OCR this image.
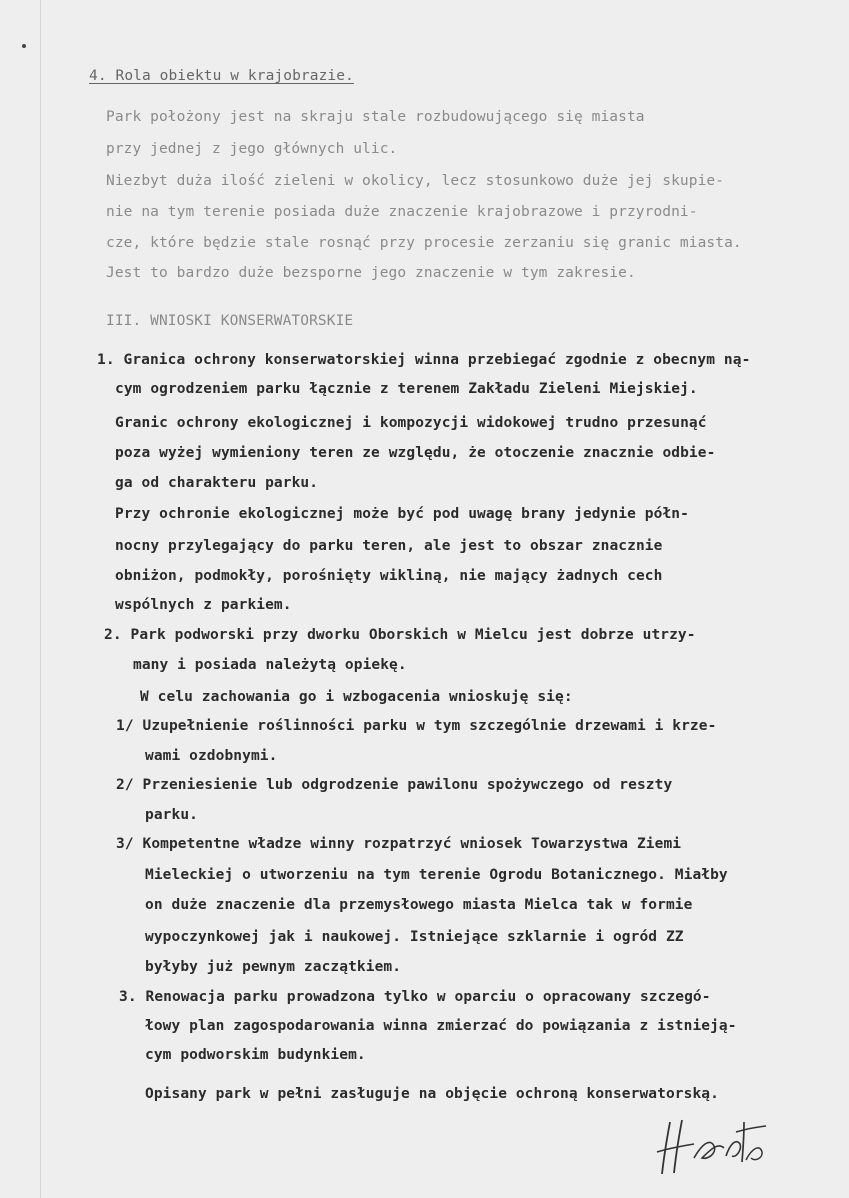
4. Rola obiektu w krajobrazie.
Park położony jest na skraju stale rozbudowującego się miasta
przy jednej z jego głównych ulic.
Niezbyt duża ilość zieleni w okolicy, lecz stosunkowo duże jej skupie-
nie na tym terenie posiada duże znaczenie krajobrazowe i przyrodni-
cze, które będzie stale rosnąć przy procesie zerzaniu się granic miasta.
Jest to bardzo duże bezsporne jego znaczenie w tym zakresie.
III. WNIOSKI KONSERWATORSKIE
1. Granica ochrony konserwatorskiej winna przebiegać zgodnie z obecnym ną-
cym ogrodzeniem parku łącznie z terenem Zakładu Zieleni Miejskiej.
Granic ochrony ekologicznej i kompozycji widokowej trudno przesunąć
poza wyżej wymieniony teren ze względu, że otoczenie znacznie odbie-
ga od charakteru parku.
Przy ochronie ekologicznej może być pod uwagę brany jedynie półn-
nocny przylegający do parku teren, ale jest to obszar znacznie
obniżon, podmokły, porośnięty wikliną, nie mający żadnych cech
wspólnych z parkiem.
2. Park podworski przy dworku Oborskich w Mielcu jest dobrze utrzy-
many i posiada należytą opiekę.
W celu zachowania go i wzbogacenia wnioskuję się:
1/ Uzupełnienie roślinności parku w tym szczególnie drzewami i krze-
wami ozdobnymi.
2/ Przeniesienie lub odgrodzenie pawilonu spożywczego od reszty
parku.
3/ Kompetentne władze winny rozpatrzyć wniosek Towarzystwa Ziemi
Mieleckiej o utworzeniu na tym terenie Ogrodu Botanicznego. Miałby
on duże znaczenie dla przemysłowego miasta Mielca tak w formie
wypoczynkowej jak i naukowej. Istniejące szklarnie i ogród ZZ
byłyby już pewnym zaczątkiem.
3. Renowacja parku prowadzona tylko w oparciu o opracowany szczegó-
łowy plan zagospodarowania winna zmierzać do powiązania z istnieją-
cym podworskim budynkiem.
Opisany park w pełni zasługuje na objęcie ochroną konserwatorską.
